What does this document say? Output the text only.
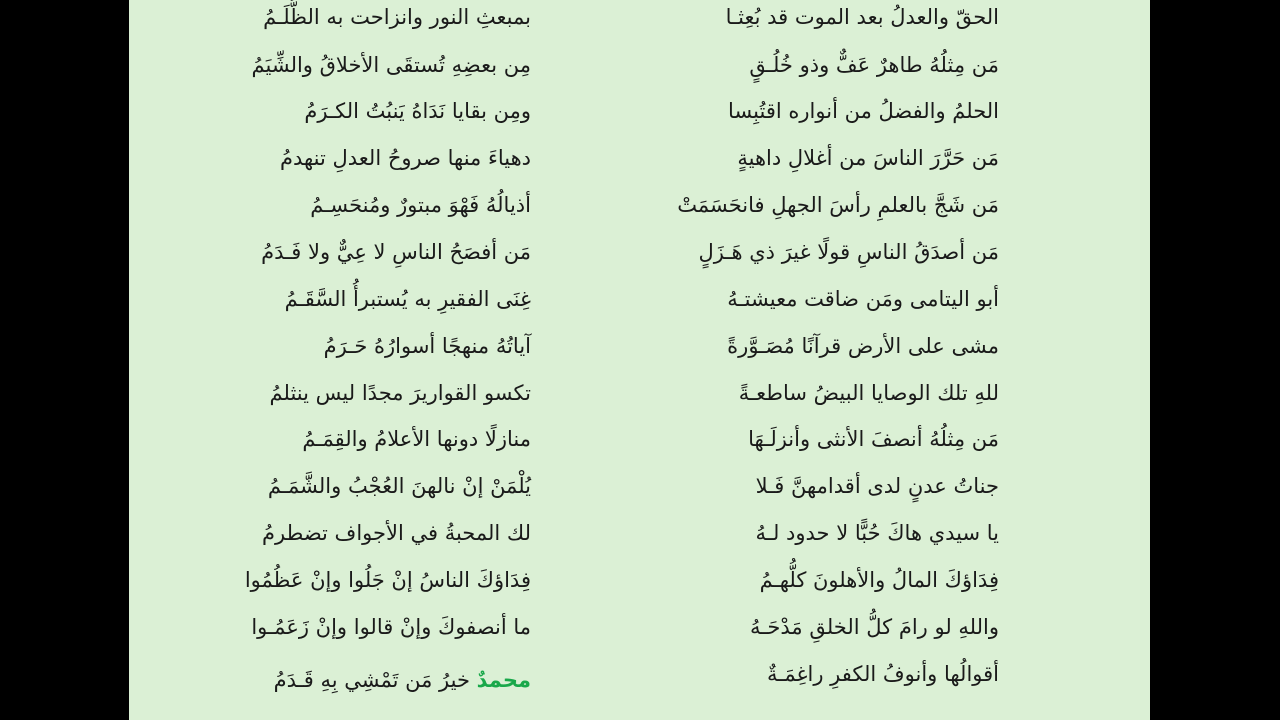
الحقّ والعدلُ بعد الموت قد بُعِثـا
مَن مِثلُهُ طاهرٌ عَفٌّ وذو خُلُـقٍ
الحلمُ والفضلُ من أنواره اقتُبِسا
مَن حَرَّرَ الناسَ من أغلالِ داهيةٍ
مَن شَجَّ بالعلمِ رأسَ الجهلِ فانحَسَمَتْ
مَن أصدَقُ الناسِ قولًا غيرَ ذي هَـزَلٍ
أبو اليتامى ومَن ضاقت معيشتـهُ
مشى على الأرض قرآنًا مُصَـوَّرةً
للهِ تلك الوصايا البيضُ ساطعـةً
مَن مِثلُهُ أنصفَ الأنثى وأنزلَـهَا
جناتُ عدنٍ لدى أقدامهنَّ فَـلا
يا سيدي هاكَ حُبًّا لا حدود لـهُ
فِدَاؤكَ المالُ والأهلونَ كلُّهـمُ
واللهِ لو رامَ كلُّ الخلقِ مَدْحَـهُ
أقوالُها وأنوفُ الكفرِ راغِمَـةٌ
بمبعثِ النور وانزاحت به الظُّلَـمُ
مِن بعضِهِ تُستقَى الأخلاقُ والشِّيَمُ
ومِن بقايا نَدَاهُ يَنبُتُ الكـرَمُ
دهياءَ منها صروحُ العدلِ تنهدمُ
أذيالُهُ فَهْوَ مبتورٌ ومُنحَسِـمُ
مَن أفصَحُ الناسِ لا عِيٌّ ولا فَـدَمُ
غِنَى الفقيرِ به يُستبرأُ السَّقَـمُ
آياتُهُ منهجًا أسوارُهُ حَـرَمُ
تكسو القواريرَ مجدًا ليس ينثلمُ
منازلًا دونها الأعلامُ والقِمَـمُ
يُلْمَنْ إنْ نالهنَ العُجْبُ والشَّمَـمُ
لك المحبةُ في الأجواف تضطرمُ
فِدَاؤكَ الناسُ إنْ جَلُوا وإنْ عَظُمُوا
ما أنصفوكَ وإنْ قالوا وإنْ زَعَمُـوا
محمدٌ خيرُ مَن تَمْشِي بِهِ قَـدَمُ
